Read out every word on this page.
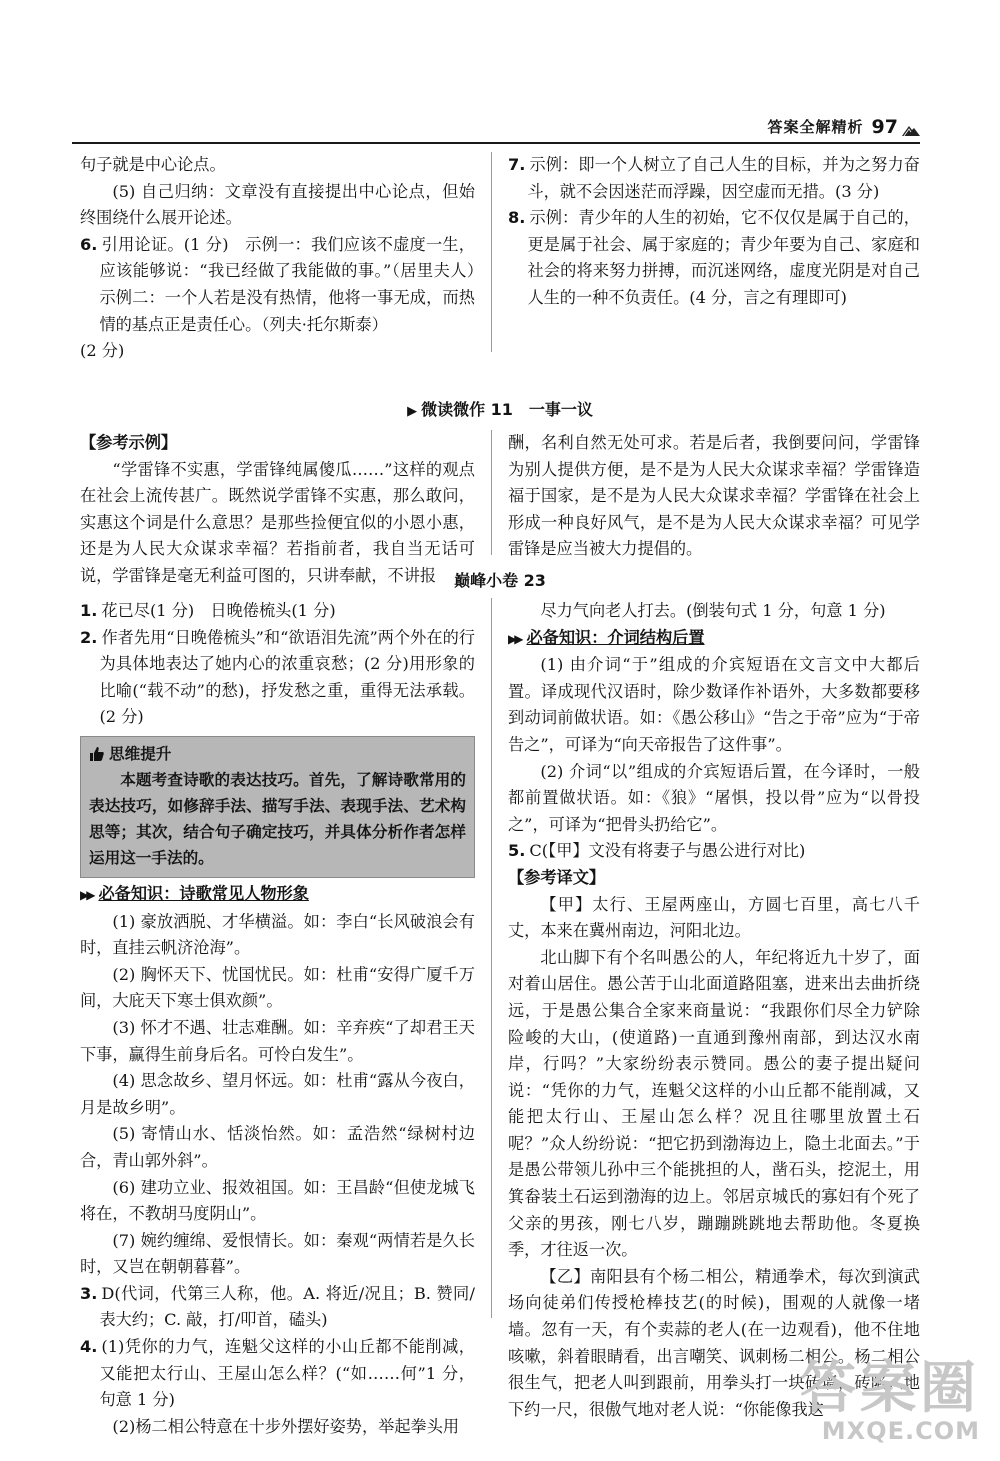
答案全解精析 97

句子就是中心论点。

(5) 自己归纳：文章没有直接提出中心论点，但始终围绕什么展开论述。

6. 引用论证。(1 分)　示例一：我们应该不虚度一生，应该能够说：“我已经做了我能做的事。”（居里夫人）　示例二：一个人若是没有热情，他将一事无成，而热情的基点正是责任心。（列夫·托尔斯泰）

(2 分)

7. 示例：即一个人树立了自己人生的目标，并为之努力奋斗，就不会因迷茫而浮躁，因空虚而无措。(3 分)

8. 示例：青少年的人生的初始，它不仅仅是属于自己的，更是属于社会、属于家庭的；青少年要为自己、家庭和社会的将来努力拼搏，而沉迷网络，虚度光阴是对自己人生的一种不负责任。(4 分，言之有理即可)

▶ 微读微作 11　一事一议

【参考示例】

“学雷锋不实惠，学雷锋纯属傻瓜……”这样的观点在社会上流传甚广。既然说学雷锋不实惠，那么敢问，实惠这个词是什么意思？是那些捡便宜似的小恩小惠，还是为人民大众谋求幸福？若指前者，我自当无话可说，学雷锋是毫无利益可图的，只讲奉献，不讲报

酬，名利自然无处可求。若是后者，我倒要问问，学雷锋为别人提供方便，是不是为人民大众谋求幸福？学雷锋造福于国家，是不是为人民大众谋求幸福？学雷锋在社会上形成一种良好风气，是不是为人民大众谋求幸福？可见学雷锋是应当被大力提倡的。

巅峰小卷 23

1. 花已尽(1 分)　日晚倦梳头(1 分)

2. 作者先用“日晚倦梳头”和“欲语泪先流”两个外在的行为具体地表达了她内心的浓重哀愁；(2 分)用形象的比喻(“载不动”的愁)，抒发愁之重，重得无法承载。(2 分)

思维提升

本题考查诗歌的表达技巧。首先，了解诗歌常用的表达技巧，如修辞手法、描写手法、表现手法、艺术构思等；其次，结合句子确定技巧，并具体分析作者怎样运用这一手法的。

▶▶ 必备知识：诗歌常见人物形象

(1) 豪放洒脱、才华横溢。如：李白“长风破浪会有时，直挂云帆济沧海”。

(2) 胸怀天下、忧国忧民。如：杜甫“安得广厦千万间，大庇天下寒士俱欢颜”。

(3) 怀才不遇、壮志难酬。如：辛弃疾“了却君王天下事，赢得生前身后名。可怜白发生”。

(4) 思念故乡、望月怀远。如：杜甫“露从今夜白，月是故乡明”。

(5) 寄情山水、恬淡怡然。如：孟浩然“绿树村边合，青山郭外斜”。

(6) 建功立业、报效祖国。如：王昌龄“但使龙城飞将在，不教胡马度阴山”。

(7) 婉约缠绵、爱恨情长。如：秦观“两情若是久长时，又岂在朝朝暮暮”。

3. D(代词，代第三人称，他。A. 将近/况且；B. 赞同/表大约；C. 敲，打/叩首，磕头)

4. (1)凭你的力气，连魁父这样的小山丘都不能削减，又能把太行山、王屋山怎么样？(“如……何”1 分，句意 1 分)

(2)杨二相公特意在十步外摆好姿势，举起拳头用

尽力气向老人打去。(倒装句式 1 分，句意 1 分)

▶▶ 必备知识：介词结构后置

(1) 由介词“于”组成的介宾短语在文言文中大都后置。译成现代汉语时，除少数译作补语外，大多数都要移到动词前做状语。如：《愚公移山》“告之于帝”应为“于帝告之”，可译为“向天帝报告了这件事”。

(2) 介词“以”组成的介宾短语后置，在今译时，一般都前置做状语。如：《狼》“屠惧，投以骨”应为“以骨投之”，可译为“把骨头扔给它”。

5. C(【甲】文没有将妻子与愚公进行对比)

【参考译文】

【甲】太行、王屋两座山，方圆七百里，高七八千丈，本来在冀州南边，河阳北边。

北山脚下有个名叫愚公的人，年纪将近九十岁了，面对着山居住。愚公苦于山北面道路阻塞，进来出去曲折绕远，于是愚公集合全家来商量说：“我跟你们尽全力铲除险峻的大山，(使道路)一直通到豫州南部，到达汉水南岸，行吗？”大家纷纷表示赞同。愚公的妻子提出疑问说：“凭你的力气，连魁父这样的小山丘都不能削减，又能把太行山、王屋山怎么样？况且往哪里放置土石呢？”众人纷纷说：“把它扔到渤海边上，隐土北面去。”于是愚公带领儿孙中三个能挑担的人，凿石头，挖泥土，用箕畚装土石运到渤海的边上。邻居京城氏的寡妇有个死了父亲的男孩，刚七八岁，蹦蹦跳跳地去帮助他。冬夏换季，才往返一次。

【乙】南阳县有个杨二相公，精通拳术，每次到演武场向徒弟们传授枪棒技艺(的时候)，围观的人就像一堵墙。忽有一天，有个卖蒜的老人(在一边观看)，他不住地咳嗽，斜着眼睛看，出言嘲笑、讽刺杨二相公。杨二相公很生气，把老人叫到跟前，用拳头打一块砖墙，砖陷入地下约一尺，很傲气地对老人说：“你能像我这

答案圈
MXQE.COM
